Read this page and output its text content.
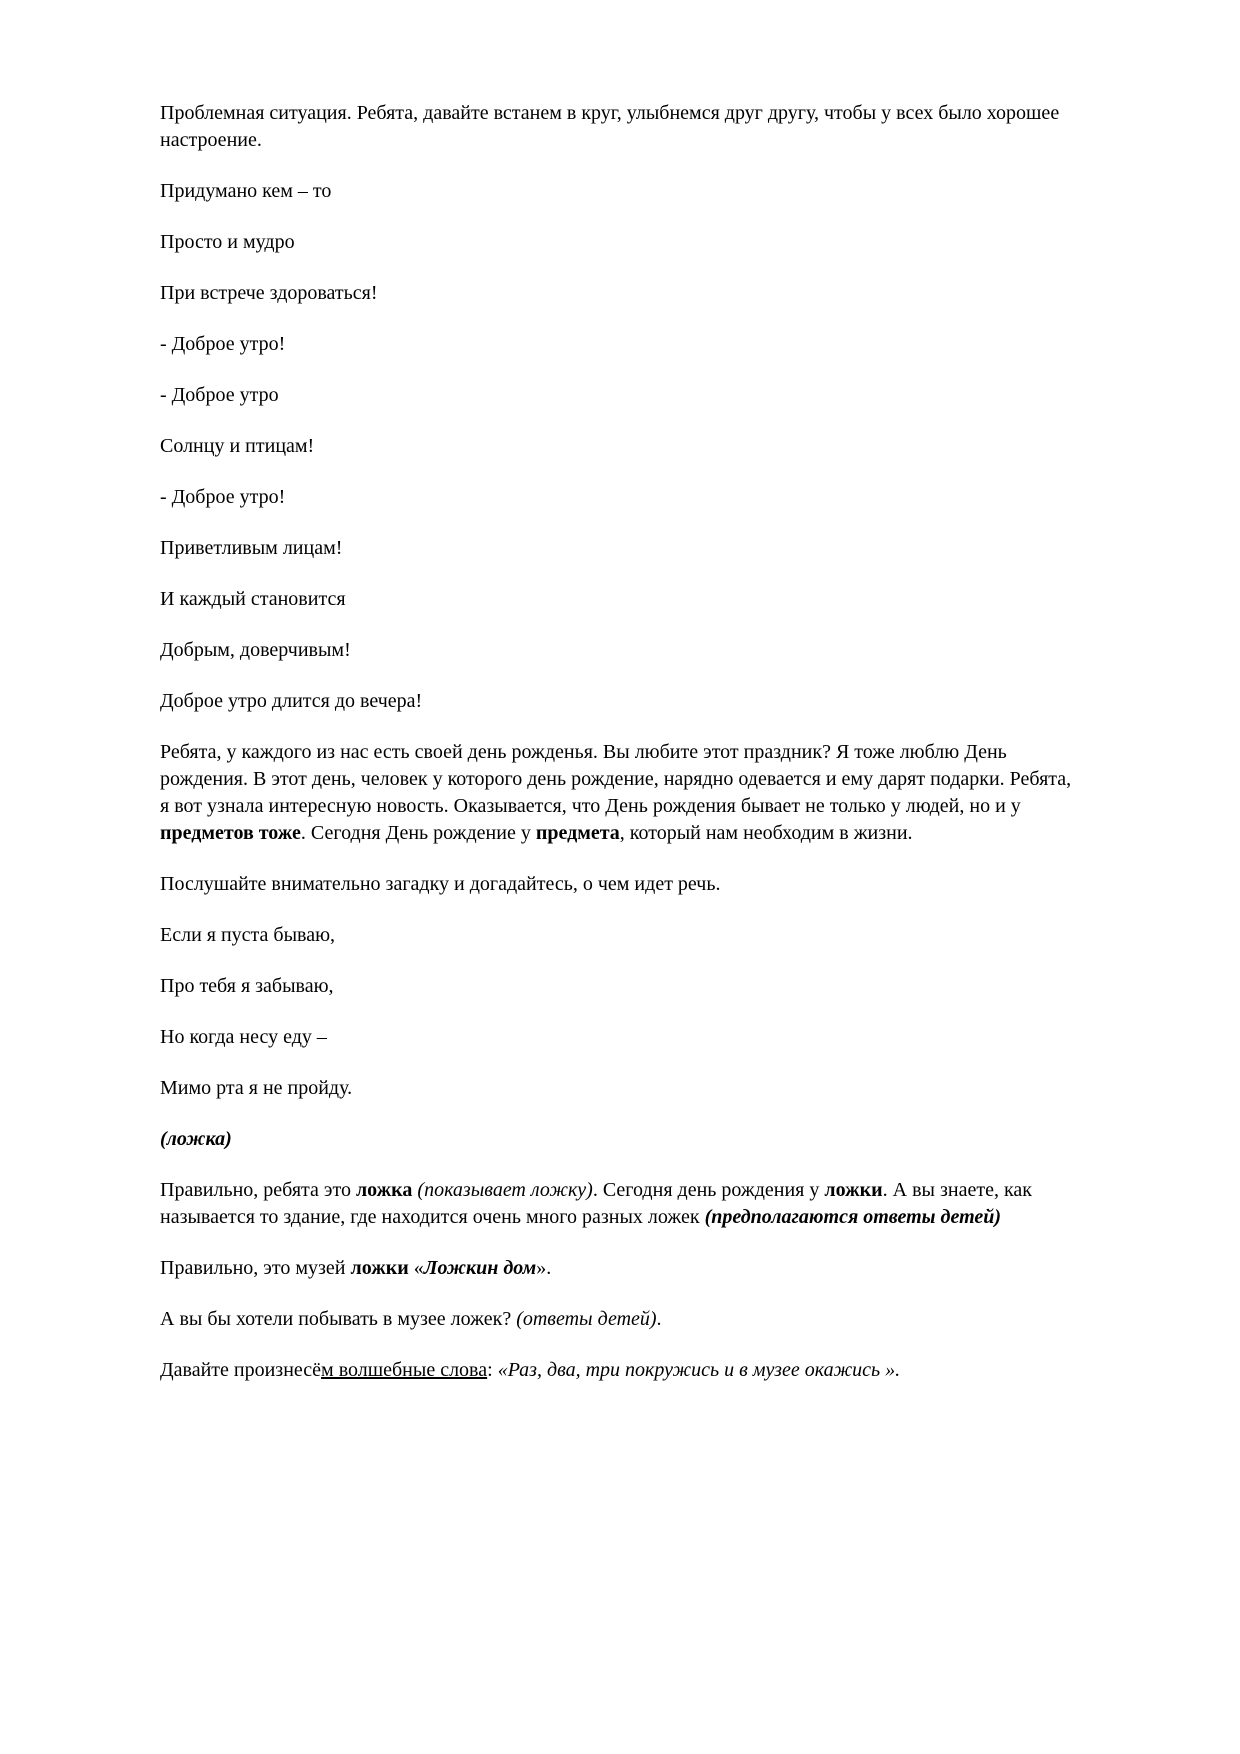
Проблемная ситуация. Ребята, давайте встанем в круг, улыбнемся друг другу, чтобы у всех было хорошее настроение.

Придумано кем – то

Просто и мудро

При встрече здороваться!

- Доброе утро!

- Доброе утро

Солнцу и птицам!

- Доброе утро!

Приветливым лицам!

И каждый становится

Добрым, доверчивым!

Доброе утро длится до вечера!

Ребята, у каждого из нас есть своей день рожденья. Вы любите этот праздник? Я тоже люблю День рождения. В этот день, человек у которого день рождение, нарядно одевается и ему дарят подарки. Ребята, я вот узнала интересную новость. Оказывается, что День рождения бывает не только у людей, но и у предметов тоже. Сегодня День рождение у предмета, который нам необходим в жизни.

Послушайте внимательно загадку и догадайтесь, о чем идет речь.

Если я пуста бываю,

Про тебя я забываю,

Но когда несу еду –

Мимо рта я не пройду.

(ложка)

Правильно, ребята это ложка (показывает ложку). Сегодня день рождения у ложки. А вы знаете, как называется то здание, где находится очень много разных ложек (предполагаются ответы детей)

Правильно, это музей ложки «Ложкин дом».

А вы бы хотели побывать в музее ложек? (ответы детей).

Давайте произнесём волшебные слова: «Раз, два, три покружись и в музее окажись ».
